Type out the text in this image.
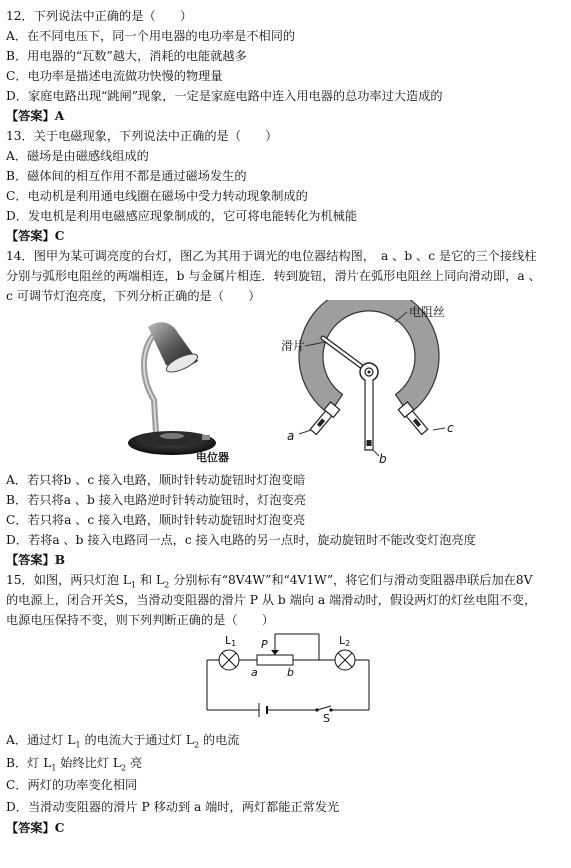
12．下列说法中正确的是（　　）
A．在不同电压下，同一个用电器的电功率是不相同的
B．用电器的“瓦数”越大，消耗的电能就越多
C．电功率是描述电流做功快慢的物理量
D．家庭电路出现“跳闸”现象，一定是家庭电路中连入用电器的总功率过大造成的
【答案】A
13．关于电磁现象，下列说法中正确的是（　　）
A．磁场是由磁感线组成的
B．磁体间的相互作用不都是通过磁场发生的
C．电动机是利用通电线圈在磁场中受力转动现象制成的
D．发电机是利用电磁感应现象制成的，它可将电能转化为机械能
【答案】C
14．图甲为某可调亮度的台灯，图乙为其用于调光的电位器结构图，　a 、b 、c 是它的三个接线柱
分别与弧形电阻丝的两端相连，b 与金属片相连．转到旋钮，滑片在弧形电阻丝上同向滑动即，a 、
c 可调节灯泡亮度，下列分析正确的是（　　）
电位器
电阻丝
滑片
b
a
c
A．若只将b 、c 接入电路，顺时针转动旋钮时灯泡变暗
B．若只将a 、b 接入电路逆时针转动旋钮时，灯泡变亮
C．若只将a 、c 接入电路，顺时针转动旋钮时灯泡变亮
D．若将a 、b 接入电路同一点，c 接入电路的另一点时，旋动旋钮时不能改变灯泡亮度
【答案】B
15．如图，两只灯泡 $L_1$ 和 $L_2$ 分别标有“8V4W”和“4V1W”，将它们与滑动变阻器串联后加在8V
的电源上，闭合开关S，当滑动变阻器的滑片 P 从 b 端向 a 端滑动时，假设两灯的灯丝电阻不变，
电源电压保持不变，则下列判断正确的是（　　）
L1	L2
P
a	b
S
A．通过灯 $L_1$ 的电流大于通过灯 $L_2$ 的电流
B．灯 $L_1$ 始终比灯 $L_2$ 亮
C．两灯的功率变化相同
D．当滑动变阻器的滑片 P 移动到 a 端时，两灯都能正常发光
【答案】C
